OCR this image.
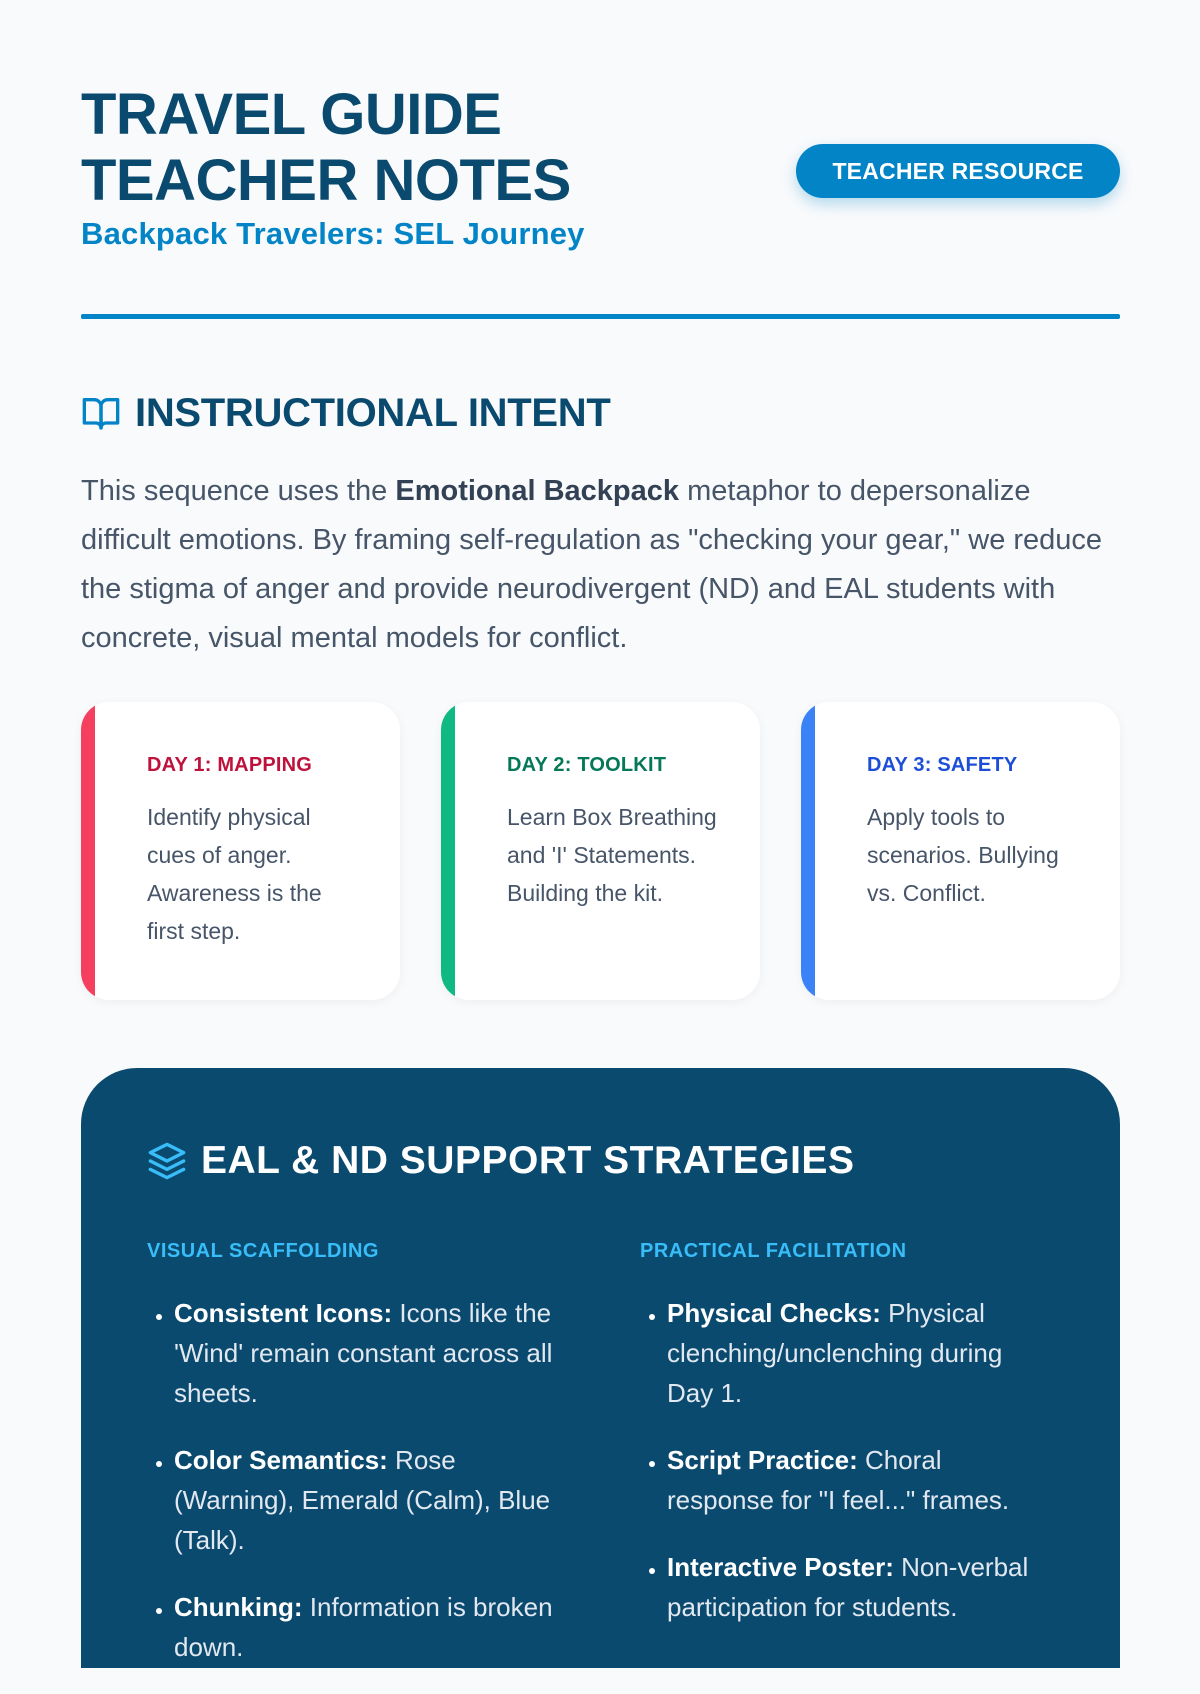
TRAVEL GUIDE
TEACHER NOTES
Backpack Travelers: SEL Journey
TEACHER RESOURCE
INSTRUCTIONAL INTENT

This sequence uses the Emotional Backpack metaphor to depersonalize difficult emotions. By framing self-regulation as "checking your gear," we reduce the stigma of anger and provide neurodivergent (ND) and EAL students with concrete, visual mental models for conflict.

DAY 1: MAPPING
Identify physical cues of anger. Awareness is the first step.
DAY 2: TOOLKIT
Learn Box Breathing and 'I' Statements. Building the kit.
DAY 3: SAFETY
Apply tools to scenarios. Bullying vs. Conflict.
EAL & ND SUPPORT STRATEGIES
VISUAL SCAFFOLDING
• Consistent Icons: Icons like the 'Wind' remain constant across all sheets.
• Color Semantics: Rose (Warning), Emerald (Calm), Blue (Talk).
• Chunking: Information is broken down.
PRACTICAL FACILITATION
• Physical Checks: Physical clenching/unclenching during Day 1.
• Script Practice: Choral response for "I feel..." frames.
• Interactive Poster: Non-verbal participation for students.
